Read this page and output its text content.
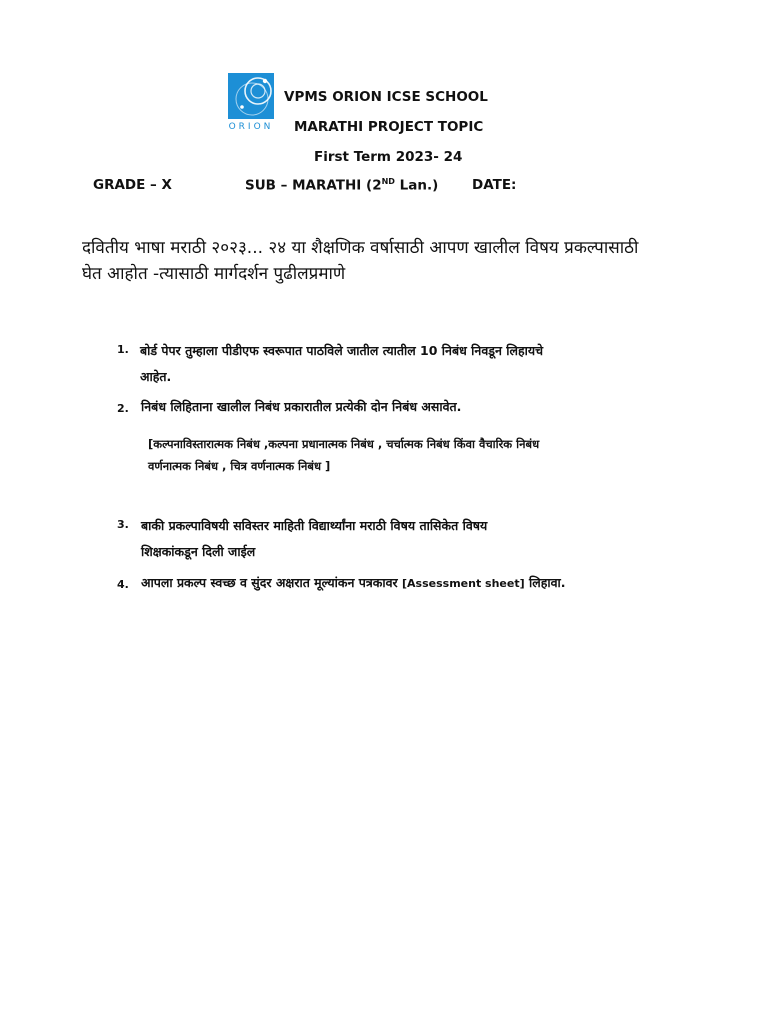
ORION
VPMS ORION ICSE SCHOOL
MARATHI PROJECT TOPIC
First Term 2023- 24
GRADE – X	SUB – MARATHI (2ND Lan.) DATE:

दवितीय भाषा मराठी २०२३... २४ या शैक्षणिक वर्षासाठी आपण खालील विषय प्रकल्पासाठी

घेत आहोत -त्यासाठी मार्गदर्शन पुढीलप्रमाणे

1. बोर्ड पेपर तुम्हाला पीडीएफ स्वरूपात पाठविले जातील त्यातील 10 निबंध निवडून लिहायचे

आहेत.

2. निबंध लिहिताना खालील निबंध प्रकारातील प्रत्येकी दोन निबंध असावेत.

[कल्पनाविस्तारात्मक निबंध ,कल्पना प्रधानात्मक निबंध , चर्चात्मक निबंध किंवा वैचारिक निबंध

वर्णनात्मक निबंध , चित्र वर्णनात्मक निबंध ]

3. बाकी प्रकल्पाविषयी सविस्तर माहिती विद्यार्थ्यांना मराठी विषय तासिकेत विषय

शिक्षकांकडून दिली जाईल

4. आपला प्रकल्प स्वच्छ व सुंदर अक्षरात मूल्यांकन पत्रकावर [Assessment sheet] लिहावा.
